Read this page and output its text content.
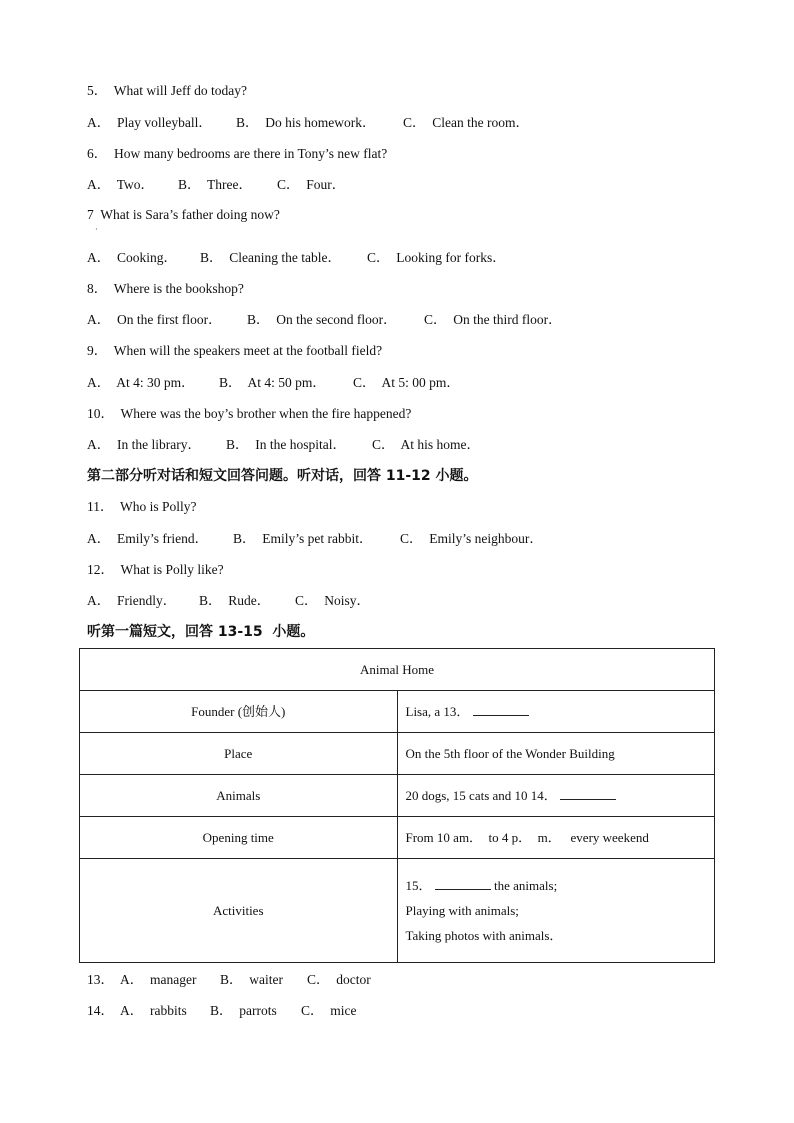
5．  What will Jeff do today?
A．  Play volleyball． B．  Do his homework． C．  Clean the room．
6．  How many bedrooms are there in Tony’s new flat?
A．  Two． B．  Three． C．  Four．
7  What is Sara’s father doing now?
·
A．  Cooking． B．  Cleaning the table． C．  Looking for forks．
8．  Where is the bookshop?
A．  On the first floor． B．  On the second floor． C．  On the third floor．
9．  When will the speakers meet at the football field?
A．  At 4: 30 pm． B．  At 4: 50 pm． C．  At 5: 00 pm．
10．  Where was the boy’s brother when the fire happened?
A．  In the library． B．  In the hospital． C．  At his home．
第二部分听对话和短文回答问题。听对话，回答 11-12 小题。
11．  Who is Polly?
A．  Emily’s friend． B．  Emily’s pet rabbit． C．  Emily’s neighbour．
12．  What is Polly like?
A．  Friendly． B．  Rude． C．  Noisy．
听第一篇短文，回答 13-15  小题。
Animal Home	
Founder (创始人)	Lisa, a 13．
Place	On the 5th floor of the Wonder Building
Animals	20 dogs, 15 cats and 10 14．
Opening time	From 10 am．  to 4 p．  m．   every weekend
Activities	15． the animals;
Playing with animals;
Taking photos with animals．
13． A．  manager B．  waiter C．  doctor
14． A．  rabbits B．  parrots C．  mice
